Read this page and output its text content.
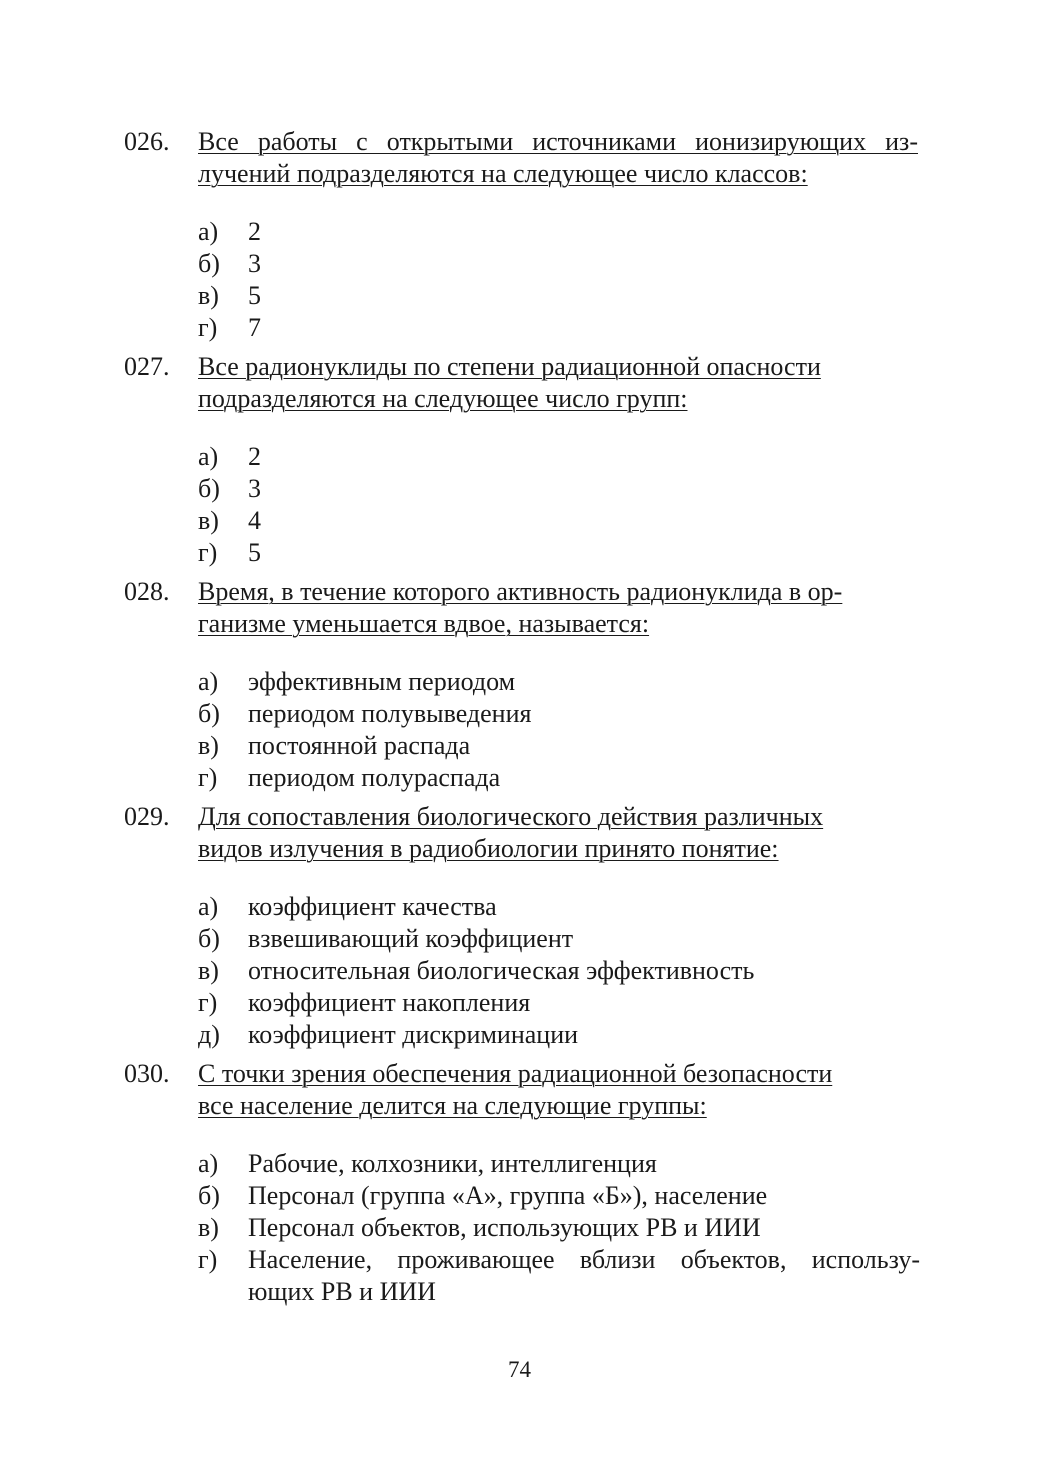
026.	Все работы с открытыми источниками ионизирующих из-
лучений подразделяются на следующее число классов:
а) 2
б) 3
в) 5
г) 7
027.	Все радионуклиды по степени радиационной опасности
подразделяются на следующее число групп:
а) 2
б) 3
в) 4
г) 5
028.	Время, в течение которого активность радионуклида в ор-
ганизме уменьшается вдвое, называется:
а) эффективным периодом
б) периодом полувыведения
в) постоянной распада
г) периодом полураспада
029.	Для сопоставления биологического действия различных
видов излучения в радиобиологии принято понятие:
а) коэффициент качества
б) взвешивающий коэффициент
в) относительная биологическая эффективность
г) коэффициент накопления
д) коэффициент дискриминации
030.	С точки зрения обеспечения радиационной безопасности
все население делится на следующие группы:
а) Рабочие, колхозники, интеллигенция
б) Персонал (группа «А», группа «Б»), население
в) Персонал объектов, использующих РВ и ИИИ
г) Население, проживающее вблизи объектов, использу-
ющих РВ и ИИИ
74
